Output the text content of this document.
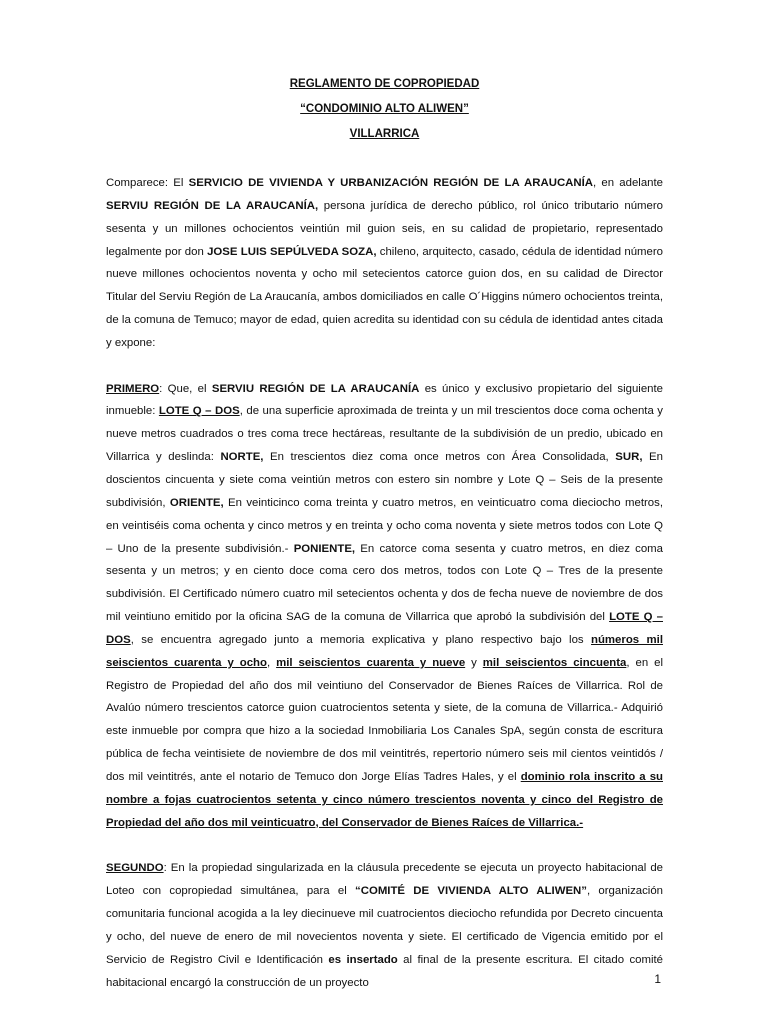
REGLAMENTO DE COPROPIEDAD

“CONDOMINIO ALTO ALIWEN”

VILLARRICA

Comparece: El SERVICIO DE VIVIENDA Y URBANIZACIÓN REGIÓN DE LA ARAUCANÍA, en adelante SERVIU REGIÓN DE LA ARAUCANÍA, persona jurídica de derecho público, rol único tributario número sesenta y un millones ochocientos veintiún mil guion seis, en su calidad de propietario, representado legalmente por don JOSE LUIS SEPÚLVEDA SOZA, chileno, arquitecto, casado, cédula de identidad número nueve millones ochocientos noventa y ocho mil setecientos catorce guion dos, en su calidad de Director Titular del Serviu Región de La Araucanía, ambos domiciliados en calle O´Higgins número ochocientos treinta, de la comuna de Temuco; mayor de edad, quien acredita su identidad con su cédula de identidad antes citada y expone:

PRIMERO: Que, el SERVIU REGIÓN DE LA ARAUCANÍA es único y exclusivo propietario del siguiente inmueble: LOTE Q – DOS, de una superficie aproximada de treinta y un mil trescientos doce coma ochenta y nueve metros cuadrados o tres coma trece hectáreas, resultante de la subdivisión de un predio, ubicado en Villarrica y deslinda: NORTE, En trescientos diez coma once metros con Área Consolidada, SUR, En doscientos cincuenta y siete coma veintiún metros con estero sin nombre y Lote Q – Seis de la presente subdivisión, ORIENTE, En veinticinco coma treinta y cuatro metros, en veinticuatro coma dieciocho metros, en veintiséis coma ochenta y cinco metros y en treinta y ocho coma noventa y siete metros todos con Lote Q – Uno de la presente subdivisión.- PONIENTE, En catorce coma sesenta y cuatro metros, en diez coma sesenta y un metros; y en ciento doce coma cero dos metros, todos con Lote Q – Tres de la presente subdivisión. El Certificado número cuatro mil setecientos ochenta y dos de fecha nueve de noviembre de dos mil veintiuno emitido por la oficina SAG de la comuna de Villarrica que aprobó la subdivisión del LOTE Q – DOS, se encuentra agregado junto a memoria explicativa y plano respectivo bajo los números mil seiscientos cuarenta y ocho, mil seiscientos cuarenta y nueve y mil seiscientos cincuenta, en el Registro de Propiedad del año dos mil veintiuno del Conservador de Bienes Raíces de Villarrica. Rol de Avalúo número trescientos catorce guion cuatrocientos setenta y siete, de la comuna de Villarrica.- Adquirió este inmueble por compra que hizo a la sociedad Inmobiliaria Los Canales SpA, según consta de escritura pública de fecha veintisiete de noviembre de dos mil veintitrés, repertorio número seis mil cientos veintidós / dos mil veintitrés, ante el notario de Temuco don Jorge Elías Tadres Hales, y el dominio rola inscrito a su nombre a fojas cuatrocientos setenta y cinco número trescientos noventa y cinco del Registro de Propiedad del año dos mil veinticuatro, del Conservador de Bienes Raíces de Villarrica.-

SEGUNDO: En la propiedad singularizada en la cláusula precedente se ejecuta un proyecto habitacional de Loteo con copropiedad simultánea, para el “COMITÉ DE VIVIENDA ALTO ALIWEN”, organización comunitaria funcional acogida a la ley diecinueve mil cuatrocientos dieciocho refundida por Decreto cincuenta y ocho, del nueve de enero de mil novecientos noventa y siete. El certificado de Vigencia emitido por el Servicio de Registro Civil e Identificación es insertado al final de la presente escritura. El citado comité habitacional encargó la construcción de un proyecto	1
